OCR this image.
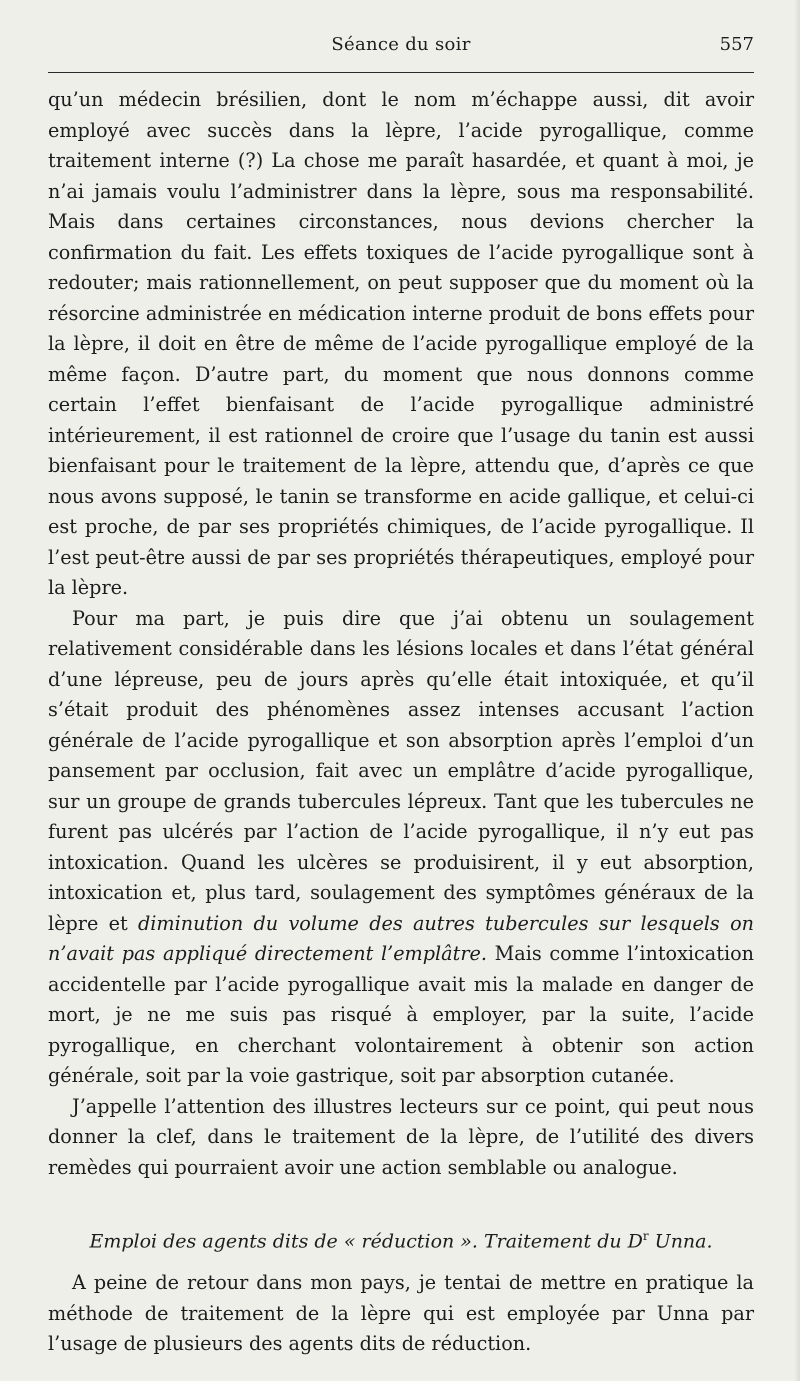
Séance du soir	557

qu’un médecin brésilien, dont le nom m’échappe aussi, dit avoir employé avec succès dans la lèpre, l’acide pyrogallique, comme traitement interne (?) La chose me paraît hasardée, et quant à moi, je n’ai jamais voulu l’administrer dans la lèpre, sous ma responsabilité. Mais dans certaines circonstances, nous devions chercher la confirmation du fait. Les effets toxiques de l’acide pyrogallique sont à redouter; mais rationnellement, on peut supposer que du moment où la résorcine administrée en médication interne produit de bons effets pour la lèpre, il doit en être de même de l’acide pyrogallique employé de la même façon. D’autre part, du moment que nous donnons comme certain l’effet bienfaisant de l’acide pyrogallique administré intérieurement, il est rationnel de croire que l’usage du tanin est aussi bienfaisant pour le traitement de la lèpre, attendu que, d’après ce que nous avons supposé, le tanin se transforme en acide gallique, et celui-ci est proche, de par ses propriétés chimiques, de l’acide pyrogallique. Il l’est peut-être aussi de par ses propriétés thérapeutiques, employé pour la lèpre.

Pour ma part, je puis dire que j’ai obtenu un soulagement relativement considérable dans les lésions locales et dans l’état général d’une lépreuse, peu de jours après qu’elle était intoxiquée, et qu’il s’était produit des phénomènes assez intenses accusant l’action générale de l’acide pyrogallique et son absorption après l’emploi d’un pansement par occlusion, fait avec un emplâtre d’acide pyrogallique, sur un groupe de grands tubercules lépreux. Tant que les tubercules ne furent pas ulcérés par l’action de l’acide pyrogallique, il n’y eut pas intoxication. Quand les ulcères se produisirent, il y eut absorption, intoxication et, plus tard, soulagement des symptômes généraux de la lèpre et diminution du volume des autres tubercules sur lesquels on n’avait pas appliqué directement l’emplâtre. Mais comme l’intoxication accidentelle par l’acide pyrogallique avait mis la malade en danger de mort, je ne me suis pas risqué à employer, par la suite, l’acide pyrogallique, en cherchant volontairement à obtenir son action générale, soit par la voie gastrique, soit par absorption cutanée.

J’appelle l’attention des illustres lecteurs sur ce point, qui peut nous donner la clef, dans le traitement de la lèpre, de l’utilité des divers remèdes qui pourraient avoir une action semblable ou analogue.

Emploi des agents dits de « réduction ». Traitement du $D^r$ Unna.

A peine de retour dans mon pays, je tentai de mettre en pratique la méthode de traitement de la lèpre qui est employée par Unna par l’usage de plusieurs des agents dits de réduction.
